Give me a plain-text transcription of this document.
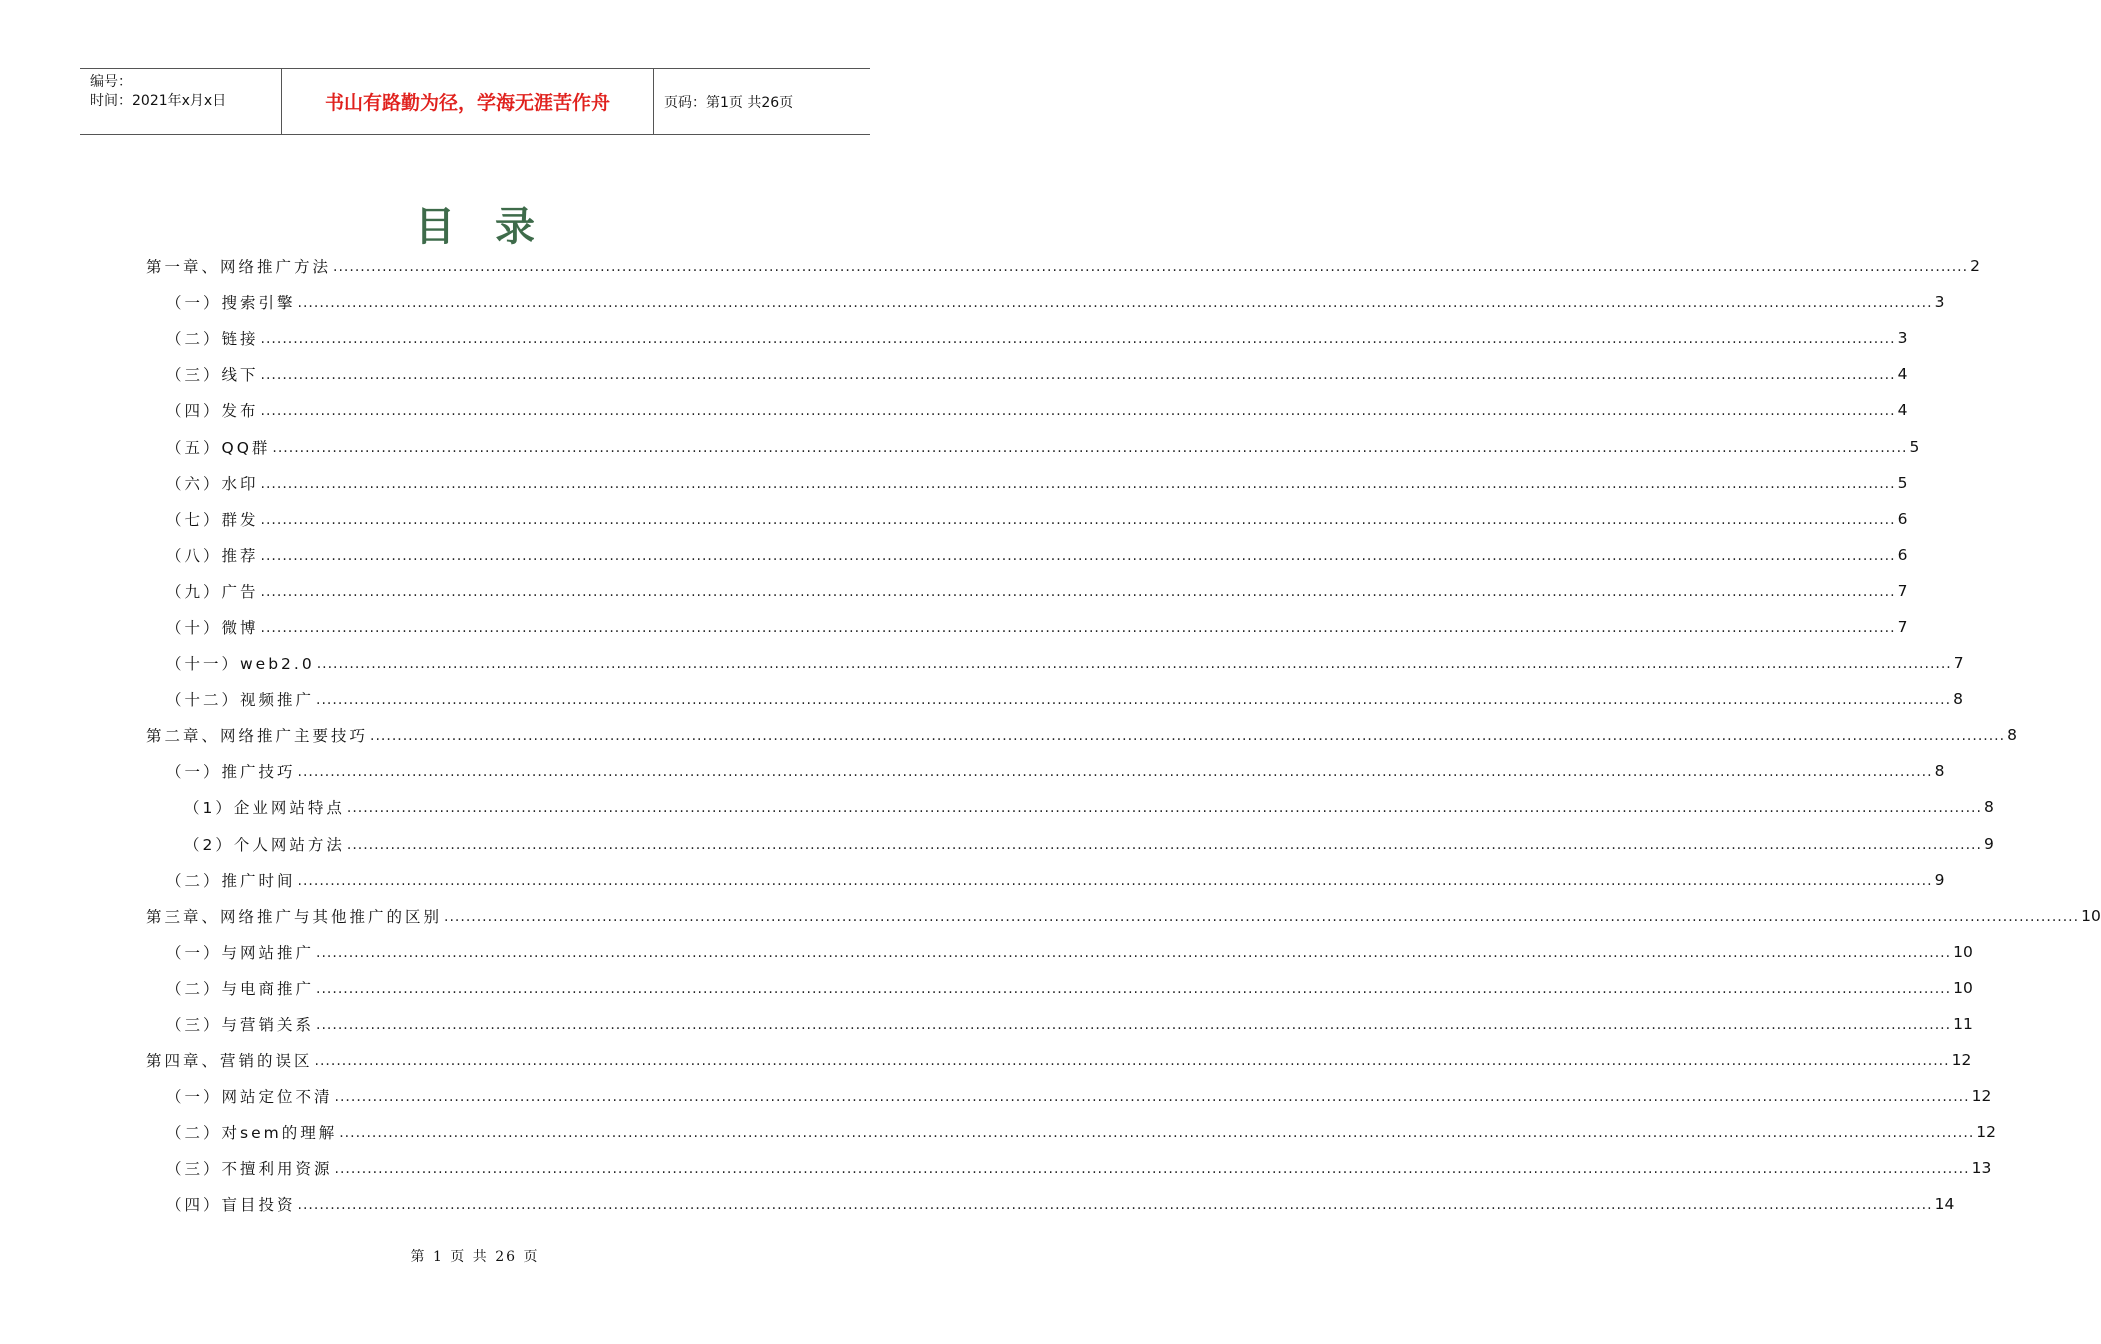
编号：
时间：2021年x月x日	书山有路勤为径，学海无涯苦作舟	页码：第1页 共26页
目录
第一章、网络推广方法 ............................................................................................................................................................................................................................................................................................................ 2
（一）搜索引擎 ............................................................................................................................................................................................................................................................................................................ 3
（二）链接 ............................................................................................................................................................................................................................................................................................................ 3
（三）线下 ............................................................................................................................................................................................................................................................................................................ 4
（四）发布 ............................................................................................................................................................................................................................................................................................................ 4
（五）QQ群 ............................................................................................................................................................................................................................................................................................................ 5
（六）水印 ............................................................................................................................................................................................................................................................................................................ 5
（七）群发 ............................................................................................................................................................................................................................................................................................................ 6
（八）推荐 ............................................................................................................................................................................................................................................................................................................ 6
（九）广告 ............................................................................................................................................................................................................................................................................................................ 7
（十）微博 ............................................................................................................................................................................................................................................................................................................ 7
（十一）web2.0 ............................................................................................................................................................................................................................................................................................................ 7
（十二）视频推广 ............................................................................................................................................................................................................................................................................................................ 8
第二章、网络推广主要技巧 ............................................................................................................................................................................................................................................................................................................ 8
（一）推广技巧 ............................................................................................................................................................................................................................................................................................................ 8
（1）企业网站特点 ............................................................................................................................................................................................................................................................................................................ 8
（2）个人网站方法 ............................................................................................................................................................................................................................................................................................................ 9
（二）推广时间 ............................................................................................................................................................................................................................................................................................................ 9
第三章、网络推广与其他推广的区别 ............................................................................................................................................................................................................................................................................................................ 10
（一）与网站推广 ............................................................................................................................................................................................................................................................................................................ 10
（二）与电商推广 ............................................................................................................................................................................................................................................................................................................ 10
（三）与营销关系 ............................................................................................................................................................................................................................................................................................................ 11
第四章、营销的误区 ............................................................................................................................................................................................................................................................................................................ 12
（一）网站定位不清 ............................................................................................................................................................................................................................................................................................................ 12
（二）对sem的理解 ............................................................................................................................................................................................................................................................................................................ 12
（三）不擅利用资源 ............................................................................................................................................................................................................................................................................................................ 13
（四）盲目投资 ............................................................................................................................................................................................................................................................................................................ 14
第 1 页 共 26 页
